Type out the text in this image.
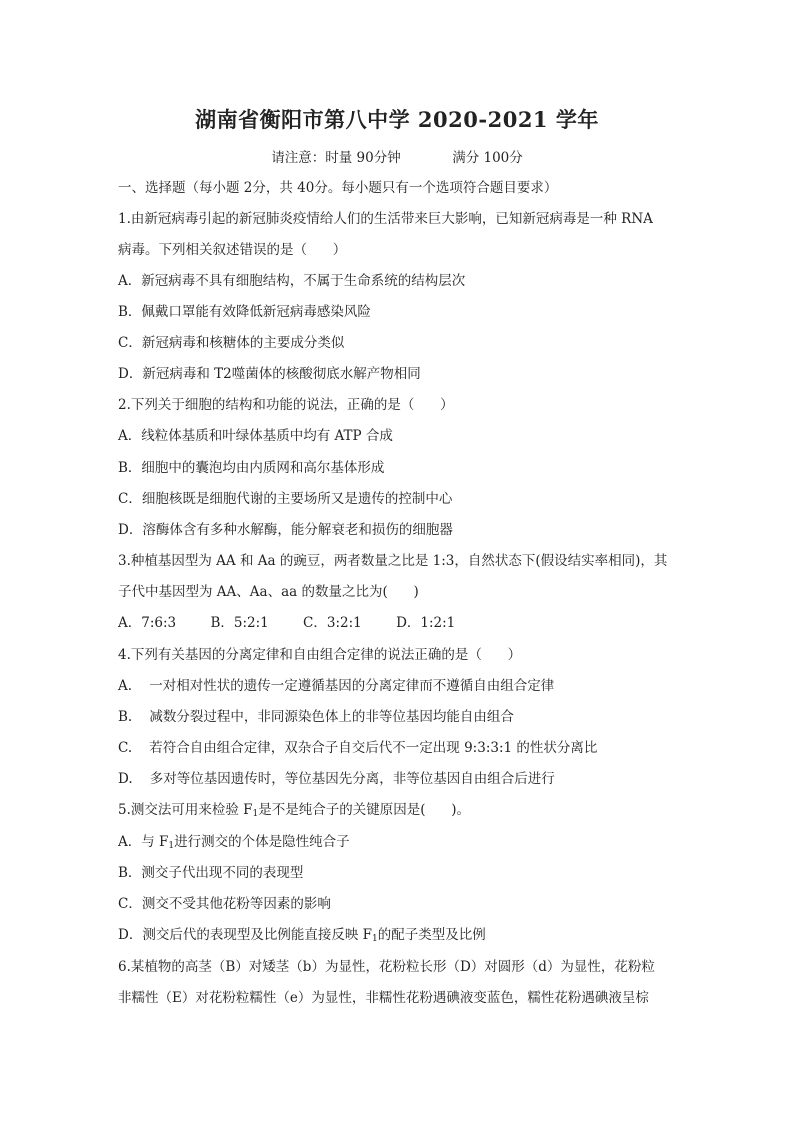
湖南省衡阳市第八中学 2020-2021 学年
请注意：时量 90分钟            满分 100分
一、选择题（每小题 2分，共 40分。每小题只有一个选项符合题目要求）
1.由新冠病毒引起的新冠肺炎疫情给人们的生活带来巨大影响，已知新冠病毒是一种 RNA
病毒。下列相关叙述错误的是（      ）
A．新冠病毒不具有细胞结构，不属于生命系统的结构层次
B．佩戴口罩能有效降低新冠病毒感染风险
C．新冠病毒和核糖体的主要成分类似
D．新冠病毒和 T2噬菌体的核酸彻底水解产物相同
2.下列关于细胞的结构和功能的说法，正确的是（      ）
A．线粒体基质和叶绿体基质中均有 ATP 合成
B．细胞中的囊泡均由内质网和高尔基体形成
C．细胞核既是细胞代谢的主要场所又是遗传的控制中心
D．溶酶体含有多种水解酶，能分解衰老和损伤的细胞器
3.种植基因型为 AA 和 Aa 的豌豆，两者数量之比是 1:3，自然状态下(假设结实率相同)，其
子代中基因型为 AA、Aa、aa 的数量之比为(      )
A．7:6:3        B．5:2:1        C．3:2:1        D．1:2:1
4.下列有关基因的分离定律和自由组合定律的说法正确的是（      ）
A.    一对相对性状的遗传一定遵循基因的分离定律而不遵循自由组合定律
B.    减数分裂过程中，非同源染色体上的非等位基因均能自由组合
C.    若符合自由组合定律，双杂合子自交后代不一定出现 9:3:3:1 的性状分离比
D.    多对等位基因遗传时，等位基因先分离，非等位基因自由组合后进行
5.测交法可用来检验 $F_1$是不是纯合子的关键原因是(      )。
A．与 $F_1$进行测交的个体是隐性纯合子
B．测交子代出现不同的表现型
C．测交不受其他花粉等因素的影响
D．测交后代的表现型及比例能直接反映 $F_1$的配子类型及比例
6.某植物的高茎（B）对矮茎（b）为显性，花粉粒长形（D）对圆形（d）为显性，花粉粒
非糯性（E）对花粉粒糯性（e）为显性，非糯性花粉遇碘液变蓝色，糯性花粉遇碘液呈棕
